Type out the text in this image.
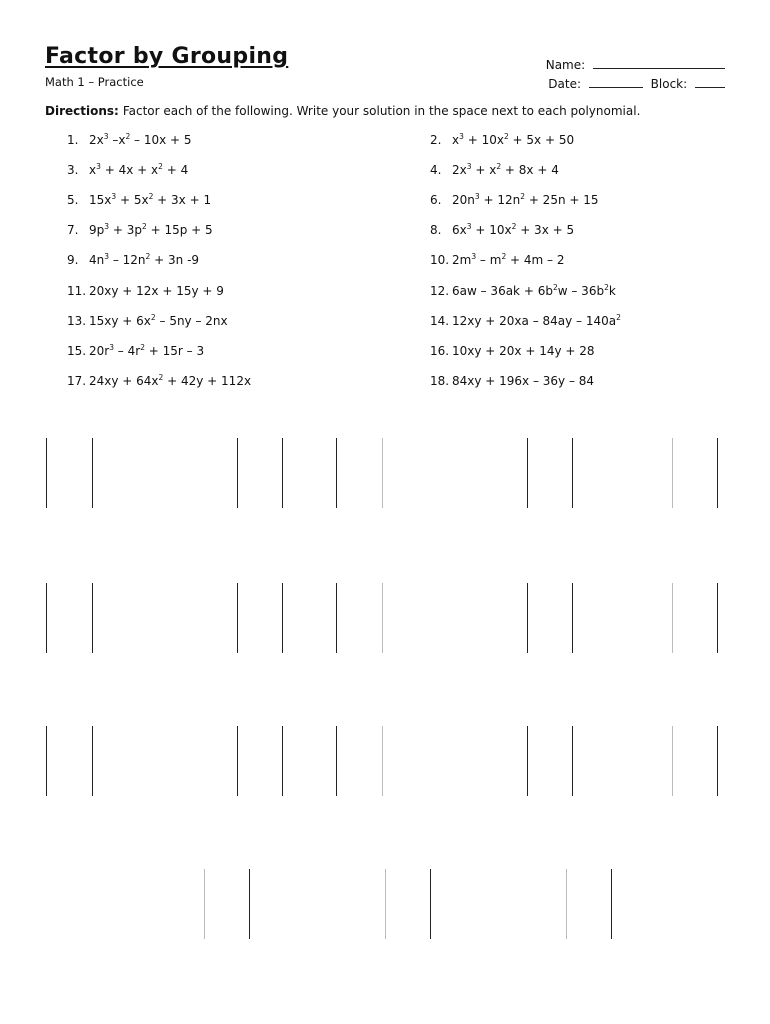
Factor by Grouping
Math 1 – Practice
Name:
Date:	Block:
Directions: Factor each of the following. Write your solution in the space next to each polynomial.
1. $2x^3$ $-x^2 - 10x + 5$	2. $x^3 + 10x^2 + 5x + 50$
3. $x^3 + 4x + x^2 + 4$	4. $2x^3 + x^2 + 8x + 4$
5. $15x^3 + 5x^2 + 3x + 1$	6. $20n^3 + 12n^2 + 25n + 15$
7. $9p^3 + 3p^2 + 15p + 5$	8. $6x^3 + 10x^2 + 3x + 5$
9. $4n^3 - 12n^2 + 3n$ -9	10. $2m^3 - m^2 + 4m - 2$
11. 20xy + 12x + 15y + 9	12. $6aw - 36ak + 6b^2w - 36b^2k$
13. $15xy + 6x^2 - 5ny - 2nx$	14. $12xy + 20xa - 84ay - 140a^2$
15. $20r^3 - 4r^2 + 15r - 3$	16. 10xy + 20x + 14y + 28
17. $24xy + 64x^2 + 42y + 112x$	18. 84xy + 196x – 36y – 84
